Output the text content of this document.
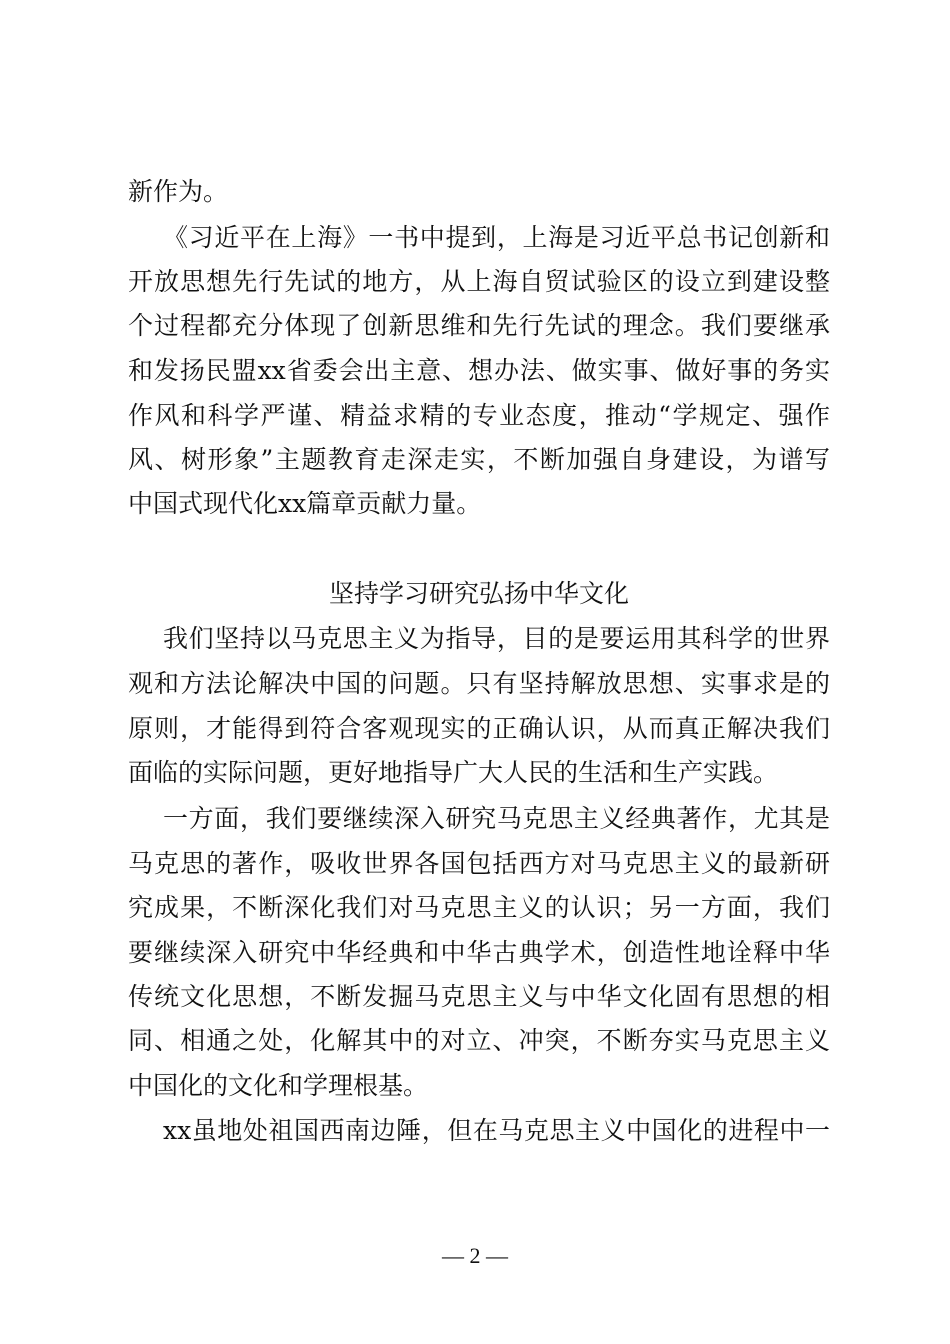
新作为。
《习近平在上海》一书中提到，上海是习近平总书记创新和
开放思想先行先试的地方，从上海自贸试验区的设立到建设整
个过程都充分体现了创新思维和先行先试的理念。我们要继承
和发扬民盟xx省委会出主意、想办法、做实事、做好事的务实
作风和科学严谨、精益求精的专业态度，推动“学规定、强作
风、树形象”主题教育走深走实，不断加强自身建设，为谱写
中国式现代化xx篇章贡献力量。
坚持学习研究弘扬中华文化
我们坚持以马克思主义为指导，目的是要运用其科学的世界
观和方法论解决中国的问题。只有坚持解放思想、实事求是的
原则，才能得到符合客观现实的正确认识，从而真正解决我们
面临的实际问题，更好地指导广大人民的生活和生产实践。
一方面，我们要继续深入研究马克思主义经典著作，尤其是
马克思的著作，吸收世界各国包括西方对马克思主义的最新研
究成果，不断深化我们对马克思主义的认识；另一方面，我们
要继续深入研究中华经典和中华古典学术，创造性地诠释中华
传统文化思想，不断发掘马克思主义与中华文化固有思想的相
同、相通之处，化解其中的对立、冲突，不断夯实马克思主义
中国化的文化和学理根基。
xx虽地处祖国西南边陲，但在马克思主义中国化的进程中一
— 2 —
